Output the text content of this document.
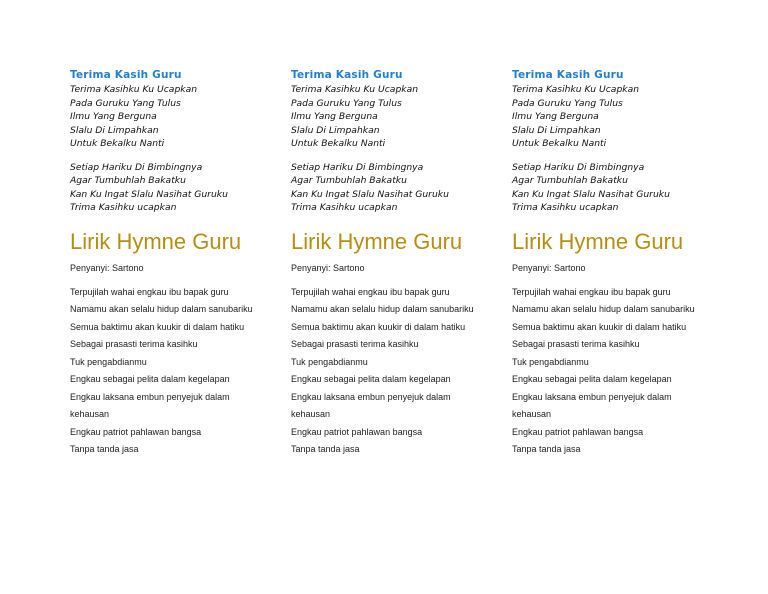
Terima Kasih Guru
Terima Kasihku Ku Ucapkan
Pada Guruku Yang Tulus
Ilmu Yang Berguna
Slalu Di Limpahkan
Untuk Bekalku Nanti
Setiap Hariku Di Bimbingnya
Agar Tumbuhlah Bakatku
Kan Ku Ingat Slalu Nasihat Guruku
Trima Kasihku ucapkan
Lirik Hymne Guru
Penyanyi: Sartono
Terpujilah wahai engkau ibu bapak guru
Namamu akan selalu hidup dalam sanubariku
Semua baktimu akan kuukir di dalam hatiku
Sebagai prasasti terima kasihku
Tuk pengabdianmu
Engkau sebagai pelita dalam kegelapan
Engkau laksana embun penyejuk dalam
kehausan
Engkau patriot pahlawan bangsa
Tanpa tanda jasa
Terima Kasih Guru
Terima Kasihku Ku Ucapkan
Pada Guruku Yang Tulus
Ilmu Yang Berguna
Slalu Di Limpahkan
Untuk Bekalku Nanti
Setiap Hariku Di Bimbingnya
Agar Tumbuhlah Bakatku
Kan Ku Ingat Slalu Nasihat Guruku
Trima Kasihku ucapkan
Lirik Hymne Guru
Penyanyi: Sartono
Terpujilah wahai engkau ibu bapak guru
Namamu akan selalu hidup dalam sanubariku
Semua baktimu akan kuukir di dalam hatiku
Sebagai prasasti terima kasihku
Tuk pengabdianmu
Engkau sebagai pelita dalam kegelapan
Engkau laksana embun penyejuk dalam
kehausan
Engkau patriot pahlawan bangsa
Tanpa tanda jasa
Terima Kasih Guru
Terima Kasihku Ku Ucapkan
Pada Guruku Yang Tulus
Ilmu Yang Berguna
Slalu Di Limpahkan
Untuk Bekalku Nanti
Setiap Hariku Di Bimbingnya
Agar Tumbuhlah Bakatku
Kan Ku Ingat Slalu Nasihat Guruku
Trima Kasihku ucapkan
Lirik Hymne Guru
Penyanyi: Sartono
Terpujilah wahai engkau ibu bapak guru
Namamu akan selalu hidup dalam sanubariku
Semua baktimu akan kuukir di dalam hatiku
Sebagai prasasti terima kasihku
Tuk pengabdianmu
Engkau sebagai pelita dalam kegelapan
Engkau laksana embun penyejuk dalam
kehausan
Engkau patriot pahlawan bangsa
Tanpa tanda jasa
